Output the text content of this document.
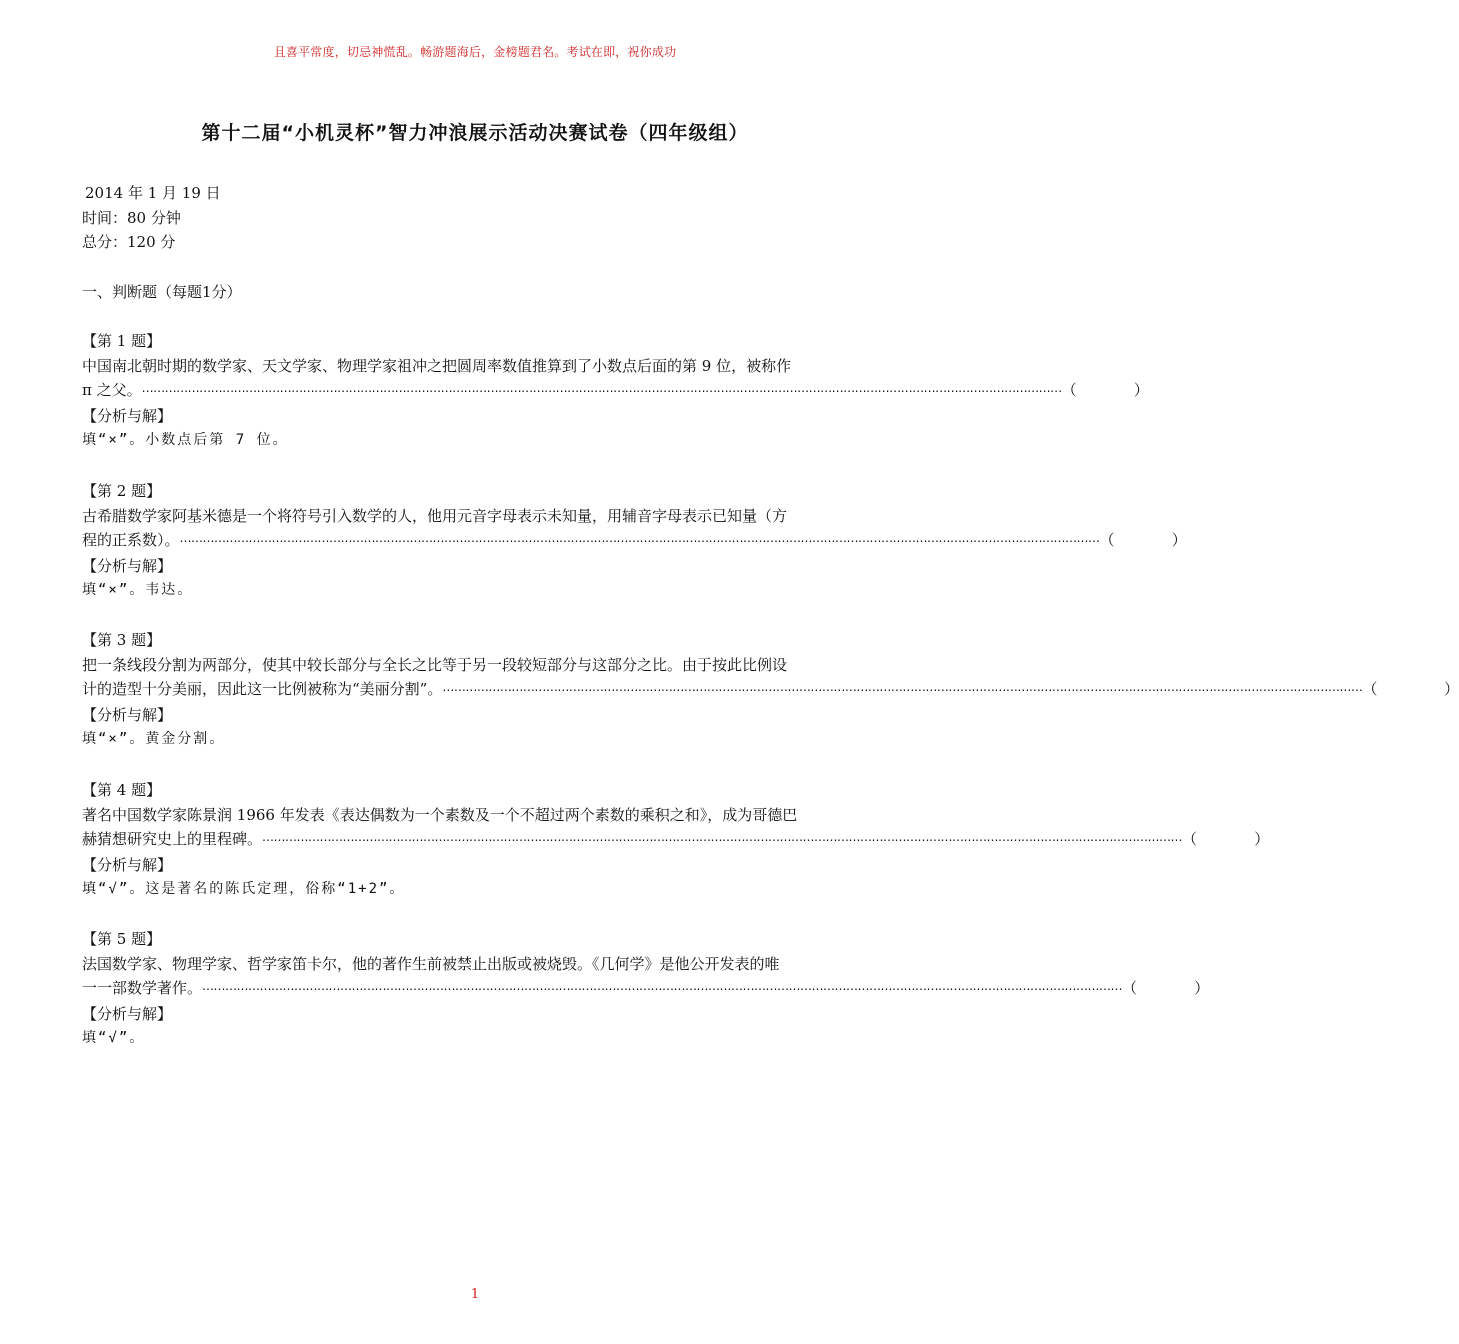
且喜平常度，切忌神慌乱。畅游题海后，金榜题君名。考试在即，祝你成功
第十二届“小机灵杯”智力冲浪展示活动决赛试卷（四年级组）
2014 年 1 月 19 日
时间：80 分钟
总分：120 分
一、判断题（每题1分）
【第 1 题】
中国南北朝时期的数学家、天文学家、物理学家祖冲之把圆周率数值推算到了小数点后面的第 9 位，被称作
π 之父。 ⋯⋯⋯⋯⋯⋯⋯⋯⋯⋯⋯⋯⋯⋯⋯⋯⋯⋯⋯⋯⋯⋯⋯⋯⋯⋯⋯⋯⋯⋯⋯⋯⋯⋯⋯⋯⋯⋯⋯⋯⋯⋯⋯⋯⋯⋯⋯⋯⋯⋯⋯⋯⋯⋯⋯⋯⋯⋯⋯⋯⋯⋯⋯⋯⋯⋯⋯⋯⋯⋯⋯⋯⋯⋯⋯⋯⋯⋯⋯⋯ （            ）
【分析与解】
填“×”。小数点后第 7 位。
【第 2 题】
古希腊数学家阿基米德是一个将符号引入数学的人，他用元音字母表示未知量，用辅音字母表示已知量（方
程的正系数）。 ⋯⋯⋯⋯⋯⋯⋯⋯⋯⋯⋯⋯⋯⋯⋯⋯⋯⋯⋯⋯⋯⋯⋯⋯⋯⋯⋯⋯⋯⋯⋯⋯⋯⋯⋯⋯⋯⋯⋯⋯⋯⋯⋯⋯⋯⋯⋯⋯⋯⋯⋯⋯⋯⋯⋯⋯⋯⋯⋯⋯⋯⋯⋯⋯⋯⋯⋯⋯⋯⋯⋯⋯⋯⋯⋯⋯⋯⋯⋯⋯ （            ）
【分析与解】
填“×”。韦达。
【第 3 题】
把一条线段分割为两部分，使其中较长部分与全长之比等于另一段较短部分与这部分之比。由于按此比例设
计的造型十分美丽，因此这一比例被称为“美丽分割”。 ⋯⋯⋯⋯⋯⋯⋯⋯⋯⋯⋯⋯⋯⋯⋯⋯⋯⋯⋯⋯⋯⋯⋯⋯⋯⋯⋯⋯⋯⋯⋯⋯⋯⋯⋯⋯⋯⋯⋯⋯⋯⋯⋯⋯⋯⋯⋯⋯⋯⋯⋯⋯⋯⋯⋯⋯⋯⋯⋯⋯⋯⋯⋯⋯⋯⋯⋯⋯⋯⋯⋯⋯⋯⋯⋯⋯⋯⋯⋯⋯ （              ）
【分析与解】
填“×”。黄金分割。
【第 4 题】
著名中国数学家陈景润 1966 年发表《表达偶数为一个素数及一个不超过两个素数的乘积之和》，成为哥德巴
赫猜想研究史上的里程碑。 ⋯⋯⋯⋯⋯⋯⋯⋯⋯⋯⋯⋯⋯⋯⋯⋯⋯⋯⋯⋯⋯⋯⋯⋯⋯⋯⋯⋯⋯⋯⋯⋯⋯⋯⋯⋯⋯⋯⋯⋯⋯⋯⋯⋯⋯⋯⋯⋯⋯⋯⋯⋯⋯⋯⋯⋯⋯⋯⋯⋯⋯⋯⋯⋯⋯⋯⋯⋯⋯⋯⋯⋯⋯⋯⋯⋯⋯⋯⋯⋯ （            ）
【分析与解】
填“√”。这是著名的陈氏定理，俗称“1+2”。
【第 5 题】
法国数学家、物理学家、哲学家笛卡尔，他的著作生前被禁止出版或被烧毁。《几何学》是他公开发表的唯
一一部数学著作。 ⋯⋯⋯⋯⋯⋯⋯⋯⋯⋯⋯⋯⋯⋯⋯⋯⋯⋯⋯⋯⋯⋯⋯⋯⋯⋯⋯⋯⋯⋯⋯⋯⋯⋯⋯⋯⋯⋯⋯⋯⋯⋯⋯⋯⋯⋯⋯⋯⋯⋯⋯⋯⋯⋯⋯⋯⋯⋯⋯⋯⋯⋯⋯⋯⋯⋯⋯⋯⋯⋯⋯⋯⋯⋯⋯⋯⋯⋯⋯⋯ （            ）
【分析与解】
填“√”。
1
